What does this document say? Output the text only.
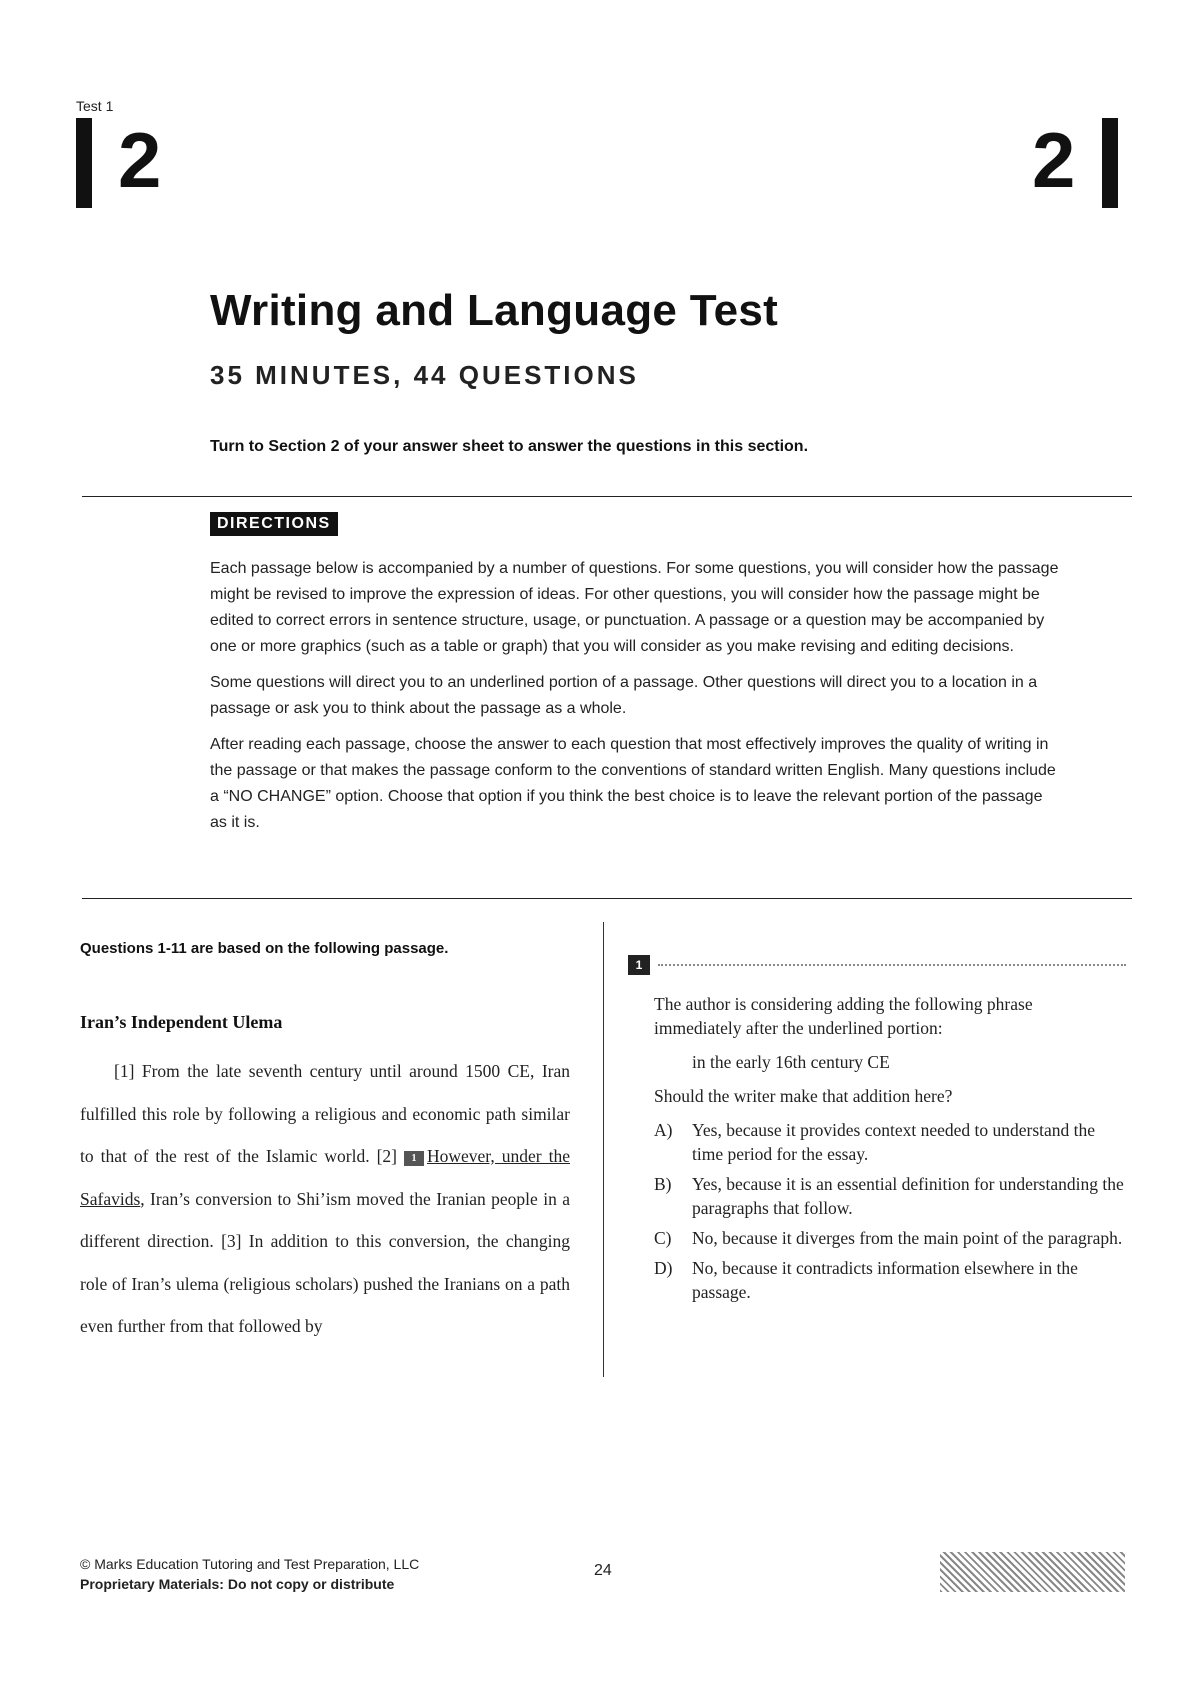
Test 1
2	2
Writing and Language Test
35 MINUTES, 44 QUESTIONS
Turn to Section 2 of your answer sheet to answer the questions in this section.
DIRECTIONS

Each passage below is accompanied by a number of questions. For some questions, you will consider how the passage might be revised to improve the expression of ideas. For other questions, you will consider how the passage might be edited to correct errors in sentence structure, usage, or punctuation. A passage or a question may be accompanied by one or more graphics (such as a table or graph) that you will consider as you make revising and editing decisions.

Some questions will direct you to an underlined portion of a passage. Other questions will direct you to a location in a passage or ask you to think about the passage as a whole.

After reading each passage, choose the answer to each question that most effectively improves the quality of writing in the passage or that makes the passage conform to the conventions of standard written English. Many questions include a “NO CHANGE” option. Choose that option if you think the best choice is to leave the relevant portion of the passage as it is.

Questions 1-11 are based on the following passage.
Iran’s Independent Ulema
[1] From the late seventh century until around 1500 CE, Iran fulfilled this role by following a religious and economic path similar to that of the rest of the Islamic world. [2] 1 However, under the Safavids, Iran’s conversion to Shi’ism moved the Iranian people in a different direction. [3] In addition to this conversion, the changing role of Iran’s ulema (religious scholars) pushed the Iranians on a path even further from that followed by
1
The author is considering adding the following phrase immediately after the underlined portion:
in the early 16th century CE
Should the writer make that addition here?
A)	Yes, because it provides context needed to understand the time period for the essay.
B)	Yes, because it is an essential definition for understanding the paragraphs that follow.
C)	No, because it diverges from the main point of the paragraph.
D)	No, because it contradicts information elsewhere in the passage.
© Marks Education Tutoring and Test Preparation, LLC
Proprietary Materials: Do not copy or distribute
24
